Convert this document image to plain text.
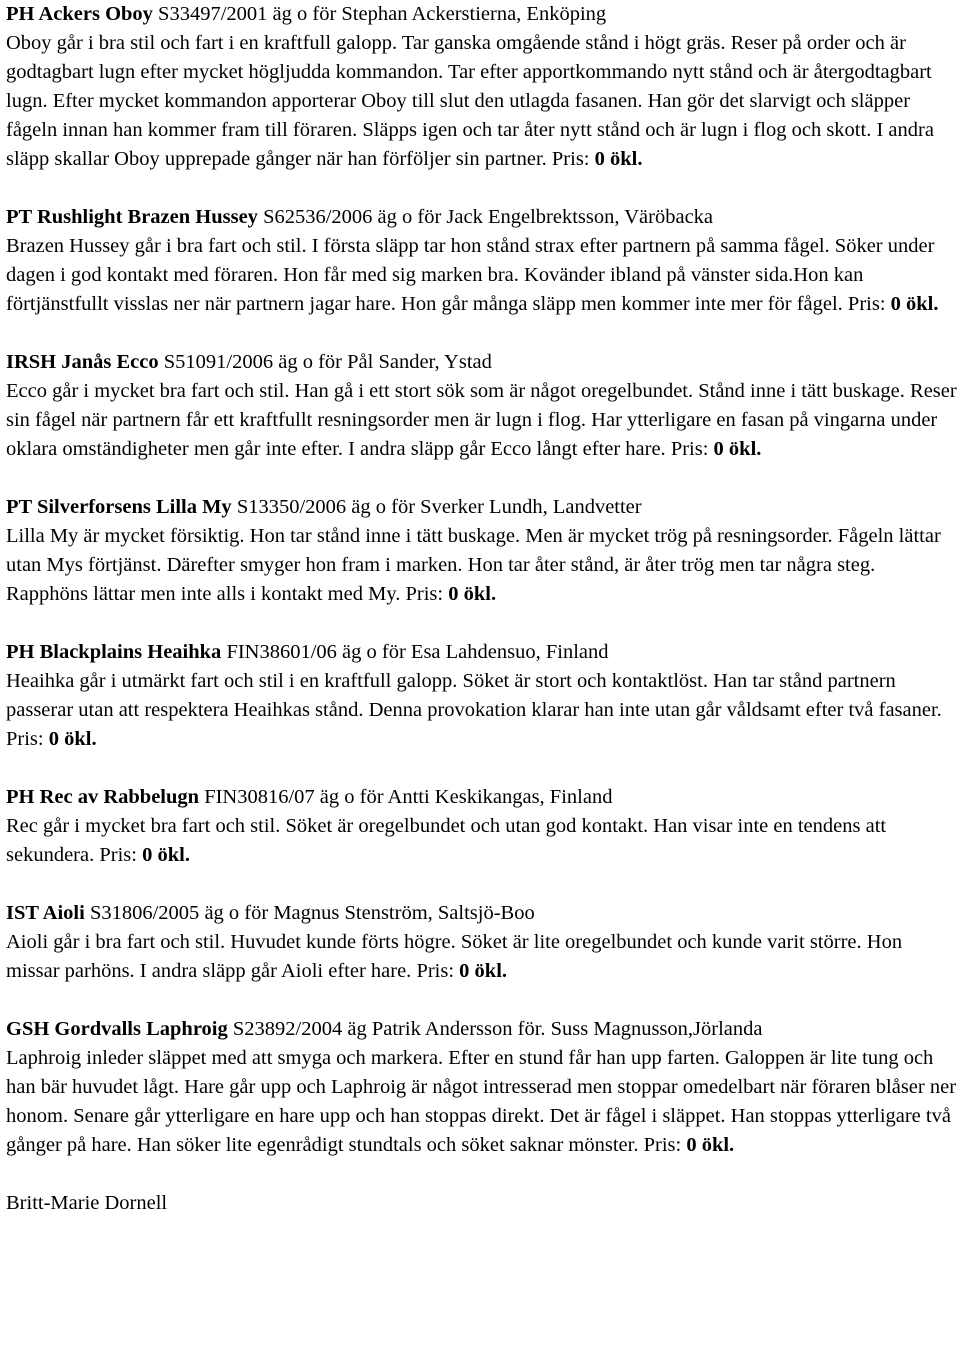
PH Ackers Oboy S33497/2001 äg o för Stephan Ackerstierna, Enköping
Oboy går i bra stil och fart i en kraftfull galopp. Tar ganska omgående stånd i högt gräs. Reser på order och är godtagbart lugn efter mycket högljudda kommandon. Tar efter apportkommando nytt stånd och är återgodtagbart lugn. Efter mycket kommandon apporterar Oboy till slut den utlagda fasanen. Han gör det slarvigt och släpper fågeln innan han kommer fram till föraren. Släpps igen och tar åter nytt stånd och är lugn i flog och skott. I andra släpp skallar Oboy upprepade gånger när han förföljer sin partner. Pris: 0 ökl.
PT Rushlight Brazen Hussey S62536/2006 äg o för Jack Engelbrektsson, Väröbacka
Brazen Hussey går i bra fart och stil. I första släpp tar hon stånd strax efter partnern på samma fågel. Söker under dagen i god kontakt med föraren. Hon får med sig marken bra. Kovänder ibland på vänster sida.Hon kan förtjänstfullt visslas ner när partnern jagar hare. Hon går många släpp men kommer inte mer för fågel. Pris: 0 ökl.
IRSH Janås Ecco S51091/2006 äg o för Pål Sander, Ystad
Ecco går i mycket bra fart och stil. Han gå i ett stort sök som är något oregelbundet. Stånd inne i tätt buskage. Reser sin fågel när partnern får ett kraftfullt resningsorder men är lugn i flog. Har ytterligare en fasan på vingarna under oklara omständigheter men går inte efter. I andra släpp går Ecco långt efter hare. Pris: 0 ökl.
PT Silverforsens Lilla My S13350/2006 äg o för Sverker Lundh, Landvetter
Lilla My är mycket försiktig. Hon tar stånd inne i tätt buskage. Men är mycket trög på resningsorder. Fågeln lättar utan Mys förtjänst. Därefter smyger hon fram i marken. Hon tar åter stånd, är åter trög men tar några steg. Rapphöns lättar men inte alls i kontakt med My. Pris: 0 ökl.
PH Blackplains Heaihka FIN38601/06 äg o för Esa Lahdensuo, Finland
Heaihka går i utmärkt fart och stil i en kraftfull galopp. Söket är stort och kontaktlöst. Han tar stånd partnern passerar utan att respektera Heaihkas stånd. Denna provokation klarar han inte utan går våldsamt efter två fasaner. Pris: 0 ökl.
PH Rec av Rabbelugn FIN30816/07 äg o för Antti Keskikangas, Finland
Rec går i mycket bra fart och stil. Söket är oregelbundet och utan god kontakt. Han visar inte en tendens att sekundera. Pris: 0 ökl.
IST Aioli S31806/2005 äg o för Magnus Stenström, Saltsjö-Boo
Aioli går i bra fart och stil. Huvudet kunde förts högre. Söket är lite oregelbundet och kunde varit större. Hon missar parhöns. I andra släpp går Aioli efter hare. Pris: 0 ökl.
GSH Gordvalls Laphroig S23892/2004 äg Patrik Andersson för. Suss Magnusson,Jörlanda
Laphroig inleder släppet med att smyga och markera. Efter en stund får han upp farten. Galoppen är lite tung och han bär huvudet lågt. Hare går upp och Laphroig är något intresserad men stoppar omedelbart när föraren blåser ner honom. Senare går ytterligare en hare upp och han stoppas direkt. Det är fågel i släppet. Han stoppas ytterligare två gånger på hare. Han söker lite egenrådigt stundtals och söket saknar mönster. Pris: 0 ökl.
Britt-Marie Dornell
